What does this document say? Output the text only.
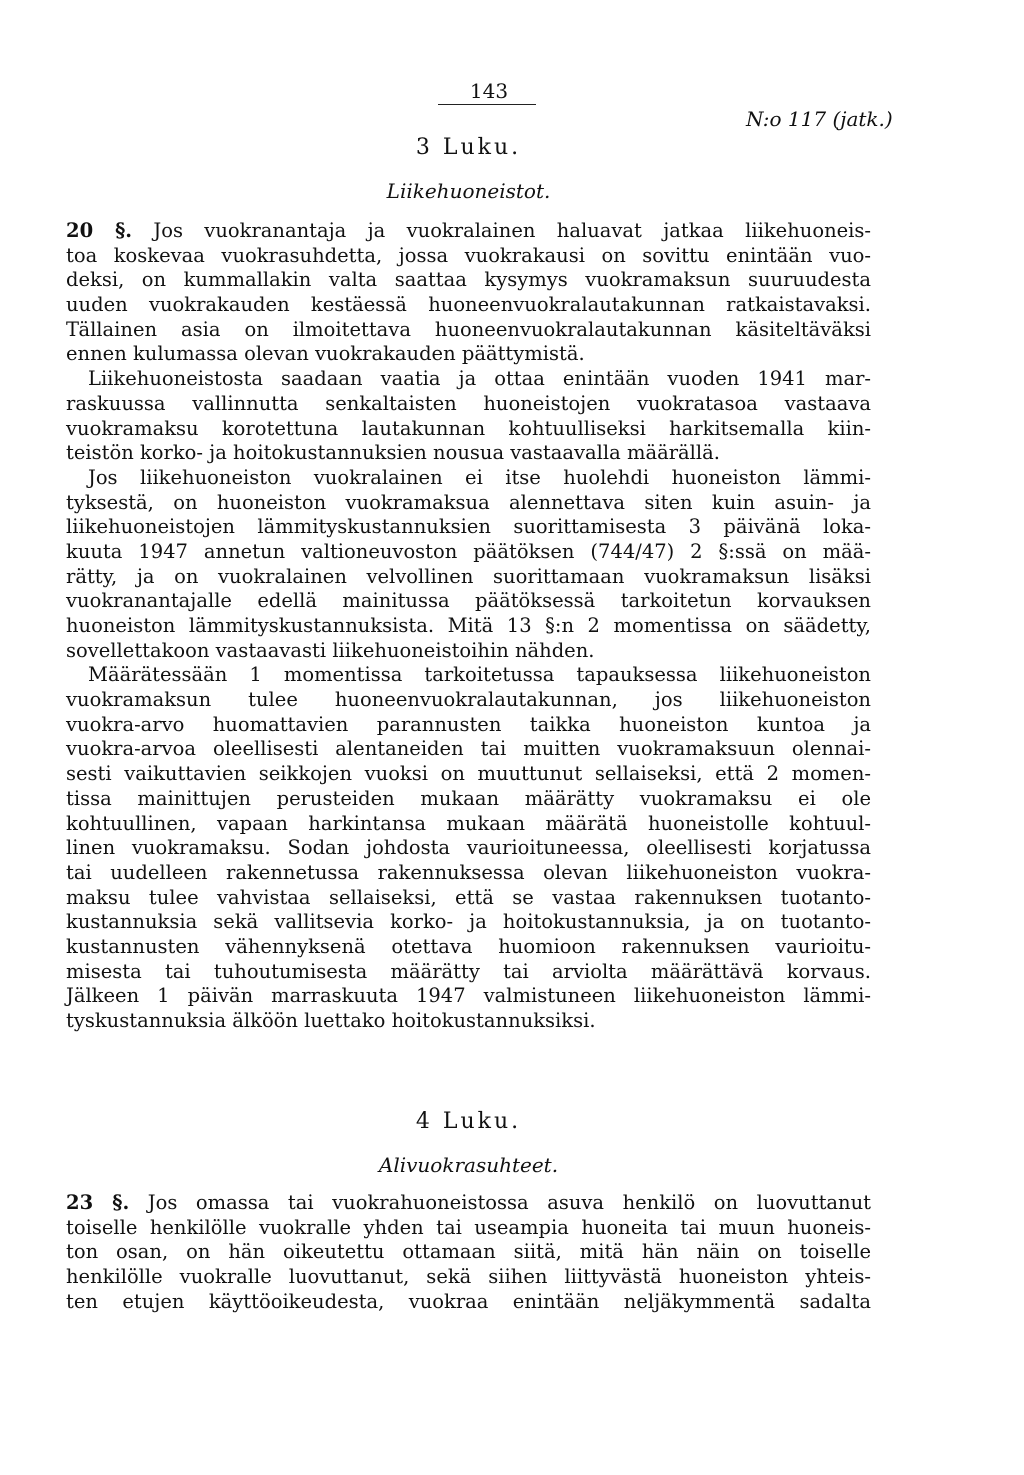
143
N:o 117 (jatk.)
3 Luku.
Liikehuoneistot.
20 §. Jos vuokranantaja ja vuokralainen haluavat jatkaa liikehuoneis-
toa koskevaa vuokrasuhdetta, jossa vuokrakausi on sovittu enintään vuo-
deksi, on kummallakin valta saattaa kysymys vuokramaksun suuruudesta
uuden vuokrakauden kestäessä huoneenvuokralautakunnan ratkaistavaksi.
Tällainen asia on ilmoitettava huoneenvuokralautakunnan käsiteltäväksi
ennen kulumassa olevan vuokrakauden päättymistä.
Liikehuoneistosta saadaan vaatia ja ottaa enintään vuoden 1941 mar-
raskuussa vallinnutta senkaltaisten huoneistojen vuokratasoa vastaava
vuokramaksu korotettuna lautakunnan kohtuulliseksi harkitsemalla kiin-
teistön korko- ja hoitokustannuksien nousua vastaavalla määrällä.
Jos liikehuoneiston vuokralainen ei itse huolehdi huoneiston lämmi-
tyksestä, on huoneiston vuokramaksua alennettava siten kuin asuin- ja
liikehuoneistojen lämmityskustannuksien suorittamisesta 3 päivänä loka-
kuuta 1947 annetun valtioneuvoston päätöksen (744/47) 2 §:ssä on mää-
rätty, ja on vuokralainen velvollinen suorittamaan vuokramaksun lisäksi
vuokranantajalle edellä mainitussa päätöksessä tarkoitetun korvauksen
huoneiston lämmityskustannuksista. Mitä 13 §:n 2 momentissa on säädetty,
sovellettakoon vastaavasti liikehuoneistoihin nähden.
Määrätessään 1 momentissa tarkoitetussa tapauksessa liikehuoneiston
vuokramaksun tulee huoneenvuokralautakunnan, jos liikehuoneiston
vuokra-arvo huomattavien parannusten taikka huoneiston kuntoa ja
vuokra-arvoa oleellisesti alentaneiden tai muitten vuokramaksuun olennai-
sesti vaikuttavien seikkojen vuoksi on muuttunut sellaiseksi, että 2 momen-
tissa mainittujen perusteiden mukaan määrätty vuokramaksu ei ole
kohtuullinen, vapaan harkintansa mukaan määrätä huoneistolle kohtuul-
linen vuokramaksu. Sodan johdosta vaurioituneessa, oleellisesti korjatussa
tai uudelleen rakennetussa rakennuksessa olevan liikehuoneiston vuokra-
maksu tulee vahvistaa sellaiseksi, että se vastaa rakennuksen tuotanto-
kustannuksia sekä vallitsevia korko- ja hoitokustannuksia, ja on tuotanto-
kustannusten vähennyksenä otettava huomioon rakennuksen vaurioitu-
misesta tai tuhoutumisesta määrätty tai arviolta määrättävä korvaus.
Jälkeen 1 päivän marraskuuta 1947 valmistuneen liikehuoneiston lämmi-
tyskustannuksia älköön luettako hoitokustannuksiksi.
4 Luku.
Alivuokrasuhteet.
23 §. Jos omassa tai vuokrahuoneistossa asuva henkilö on luovuttanut
toiselle henkilölle vuokralle yhden tai useampia huoneita tai muun huoneis-
ton osan, on hän oikeutettu ottamaan siitä, mitä hän näin on toiselle
henkilölle vuokralle luovuttanut, sekä siihen liittyvästä huoneiston yhteis-
ten etujen käyttöoikeudesta, vuokraa enintään neljäkymmentä sadalta
